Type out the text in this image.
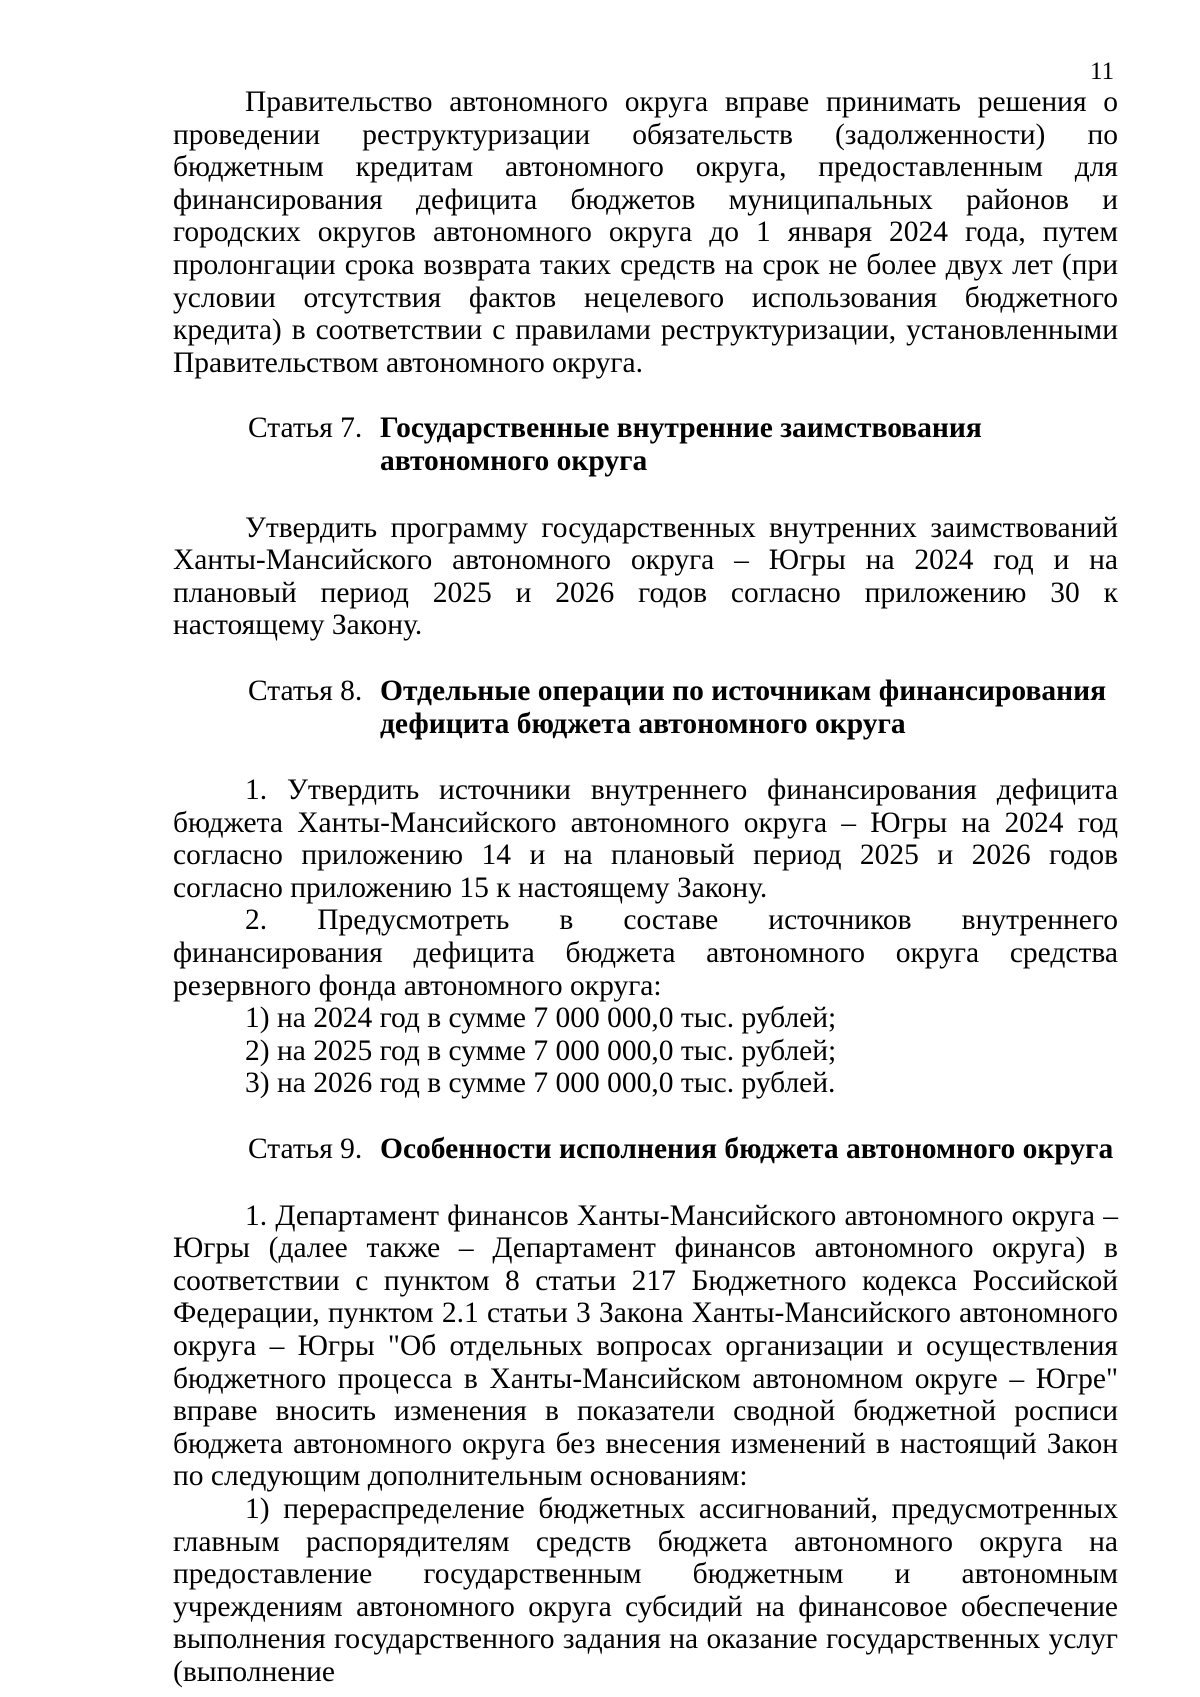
11

Правительство автономного округа вправе принимать решения о проведении реструктуризации обязательств (задолженности) по бюджетным кредитам автономного округа, предоставленным для финансирования дефицита бюджетов муниципальных районов и городских округов автономного округа до 1 января 2024 года, путем пролонгации срока возврата таких средств на срок не более двух лет (при условии отсутствия фактов нецелевого использования бюджетного кредита) в соответствии с правилами реструктуризации, установленными Правительством автономного округа.

Статья 7. Государственные внутренние заимствования автономного округа

Утвердить программу государственных внутренних заимствований Ханты-Мансийского автономного округа – Югры на 2024 год и на плановый период 2025 и 2026 годов согласно приложению 30 к настоящему Закону.

Статья 8. Отдельные операции по источникам финансирования дефицита бюджета автономного округа

1. Утвердить источники внутреннего финансирования дефицита бюджета Ханты-Мансийского автономного округа – Югры на 2024 год согласно приложению 14 и на плановый период 2025 и 2026 годов согласно приложению 15 к настоящему Закону.

2. Предусмотреть в составе источников внутреннего финансирования дефицита бюджета автономного округа средства резервного фонда автономного округа:

1) на 2024 год в сумме 7 000 000,0 тыс. рублей;

2) на 2025 год в сумме 7 000 000,0 тыс. рублей;

3) на 2026 год в сумме 7 000 000,0 тыс. рублей.

Статья 9. Особенности исполнения бюджета автономного округа

1. Департамент финансов Ханты-Мансийского автономного округа – Югры (далее также – Департамент финансов автономного округа) в соответствии с пунктом 8 статьи 217 Бюджетного кодекса Российской Федерации, пунктом 2.1 статьи 3 Закона Ханты-Мансийского автономного округа – Югры "Об отдельных вопросах организации и осуществления бюджетного процесса в Ханты-Мансийском автономном округе – Югре" вправе вносить изменения в показатели сводной бюджетной росписи бюджета автономного округа без внесения изменений в настоящий Закон по следующим дополнительным основаниям:

1) перераспределение бюджетных ассигнований, предусмотренных главным распорядителям средств бюджета автономного округа на предоставление государственным бюджетным и автономным учреждениям автономного округа субсидий на финансовое обеспечение выполнения государственного задания на оказание государственных услуг (выполнение
